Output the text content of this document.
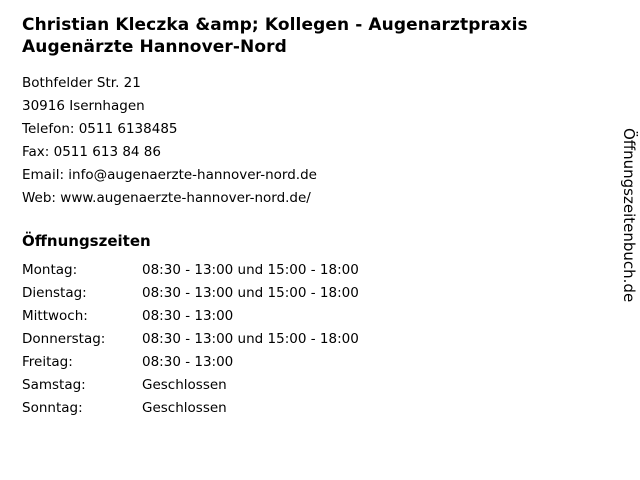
Christian Kleczka &amp; Kollegen - Augenarztpraxis Augenärzte Hannover-Nord

Bothfelder Str. 21

30916 Isernhagen

Telefon: 0511 6138485

Fax: 0511 613 84 86

Email: info@augenaerzte-hannover-nord.de

Web: www.augenaerzte-hannover-nord.de/

Öffnungszeiten
Montag:	08:30 - 13:00 und 15:00 - 18:00
Dienstag:	08:30 - 13:00 und 15:00 - 18:00
Mittwoch:	08:30 - 13:00
Donnerstag:	08:30 - 13:00 und 15:00 - 18:00
Freitag:	08:30 - 13:00
Samstag:	Geschlossen
Sonntag:	Geschlossen
Öffnungszeitenbuch.de
